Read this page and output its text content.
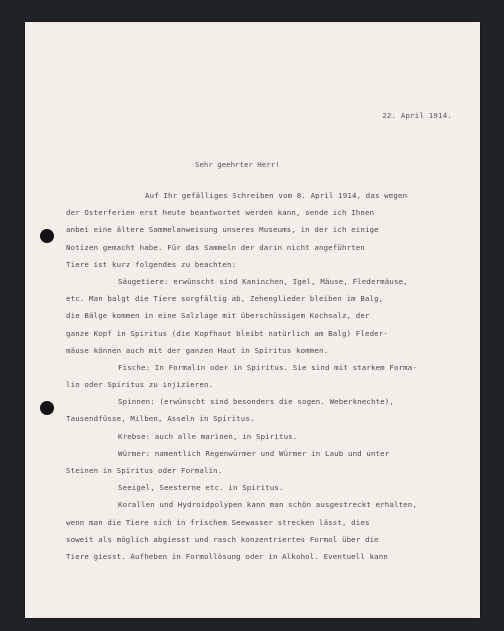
22. April 1914.
Sehr geehrter Herr!
Auf Ihr gefälliges Schreiben vom 8. April 1914, das wegen
der Osterferien erst heute beantwortet werden kann, sende ich Ihnen
anbei eine ältere Sammelanweisung unseres Museums, in der ich einige
Notizen gemacht habe. Für das Sammeln der darin nicht angeführten
Tiere ist kurz folgendes zu beachten:
Säugetiere: erwünscht sind Kaninchen, Igel, Mäuse, Fledermäuse,
etc. Man balgt die Tiere sorgfältig ab, Zehenglieder bleiben im Balg,
die Bälge kommen in eine Salzlage mit überschüssigem Kochsalz, der
ganze Kopf in Spiritus (die Kopfhaut bleibt natürlich am Balg) Fleder-
mäuse können auch mit der ganzen Haut in Spiritus kommen.
Fische: In Formalin oder in Spiritus. Sie sind mit starkem Forma-
lin oder Spiritus zu injizieren.
Spinnen: (erwünscht sind besonders die sogen. Weberknechte),
Tausendfüsse, Milben, Asseln in Spiritus.
Krebse: auch alle marinen, in Spiritus.
Würmer: namentlich Regenwürmer und Würmer in Laub und unter
Steinen in Spiritus oder Formalin.
Seeigel, Seesterne etc. in Spiritus.
Korallen und Hydroidpolypen kann man schön ausgestreckt erhalten,
wenn man die Tiere sich in frischem Seewasser strecken lässt, dies
soweit als möglich abgiesst und rasch konzentriertes Formol über die
Tiere giesst. Aufheben in Formollösung oder in Alkohol. Eventuell kann
